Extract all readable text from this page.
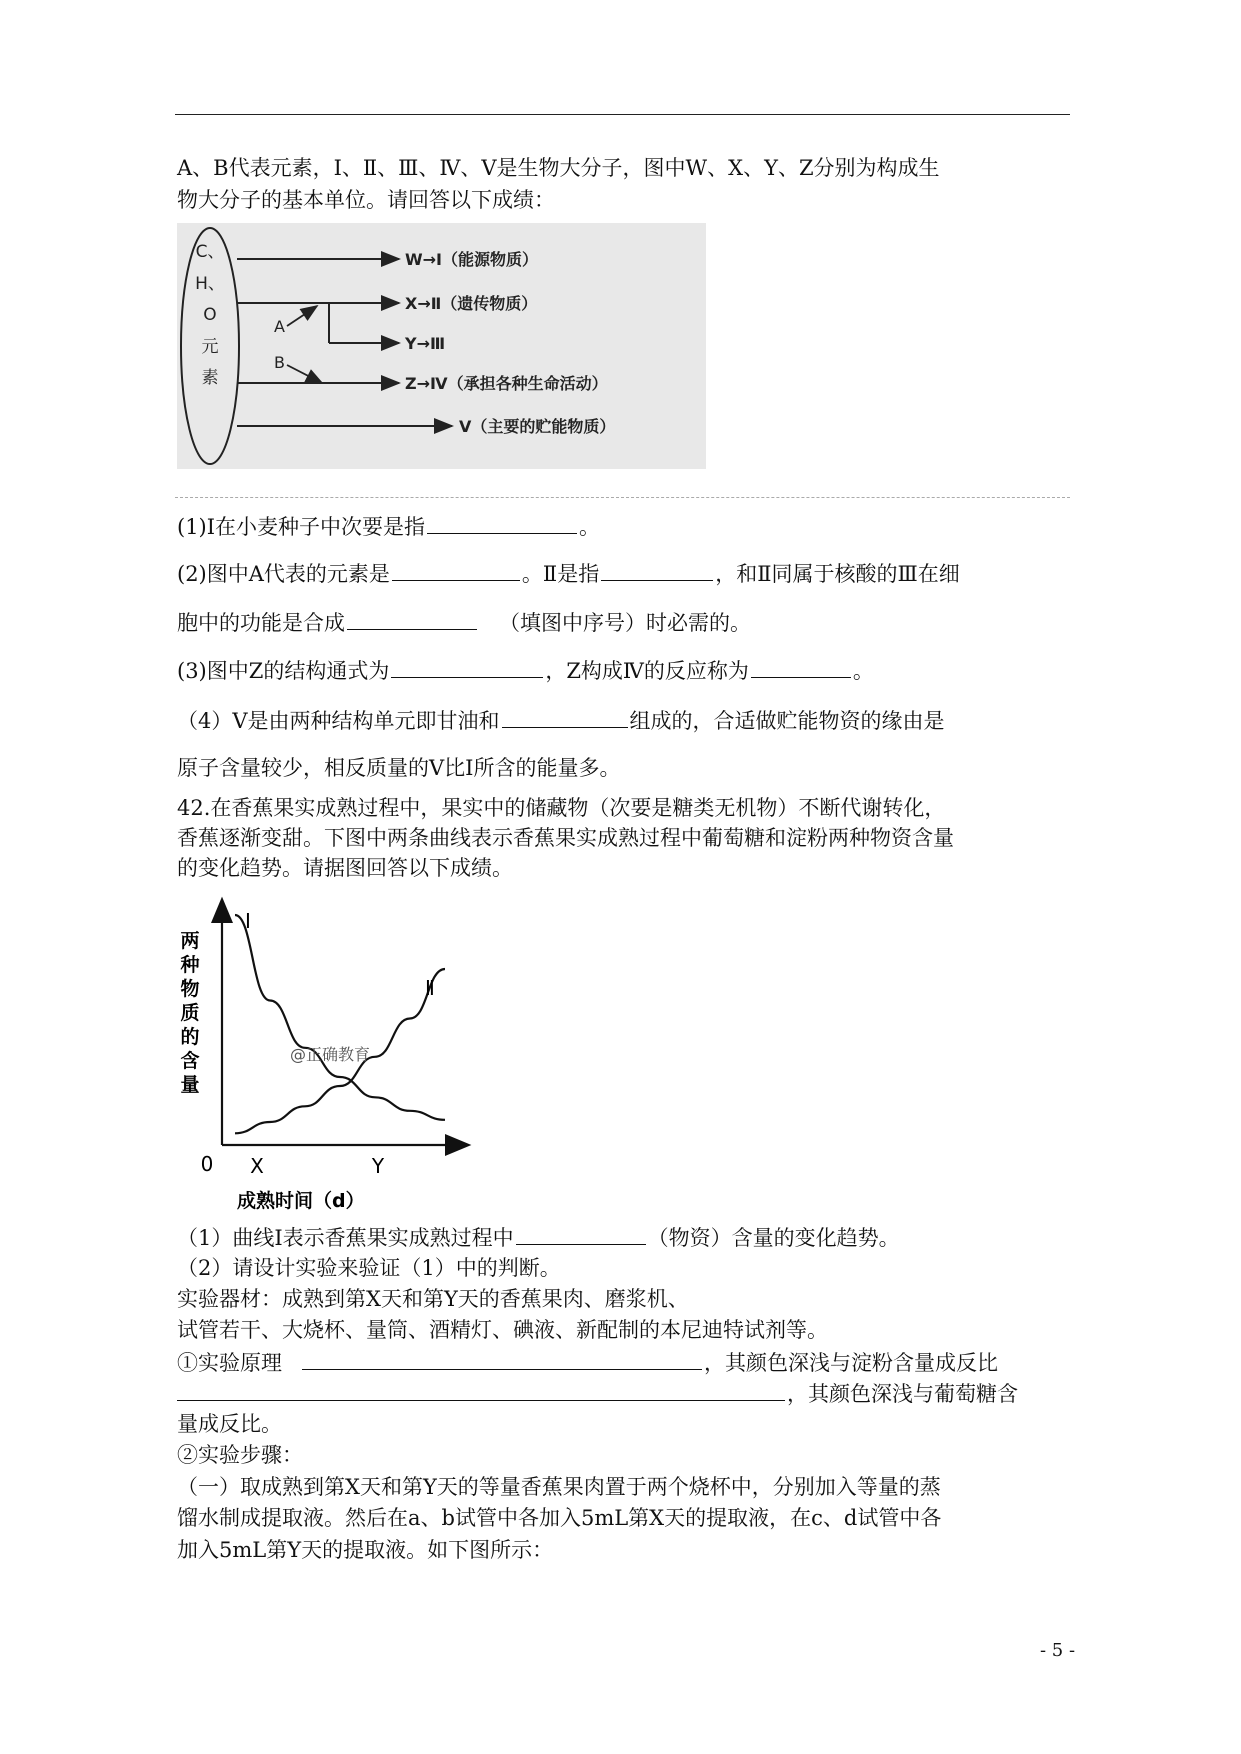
A、B代表元素，Ⅰ、Ⅱ、Ⅲ、Ⅳ、Ⅴ是生物大分子，图中W、X、Y、Z分别为构成生
物大分子的基本单位。请回答以下成绩：
C、
H、
O
元
素
A
B
W→Ⅰ（能源物质）
X→Ⅱ（遗传物质）
Y→Ⅲ
Z→Ⅳ（承担各种生命活动）
Ⅴ（主要的贮能物质）
(1)Ⅰ在小麦种子中次要是指	。
(2)图中A代表的元素是	。Ⅱ是指	，和Ⅱ同属于核酸的Ⅲ在细
胞中的功能是合成	（填图中序号）时必需的。
(3)图中Z的结构通式为	，Z构成Ⅳ的反应称为	。
（4）Ⅴ是由两种结构单元即甘油和	组成的，合适做贮能物资的缘由是
原子含量较少，相反质量的Ⅴ比Ⅰ所含的能量多。
42.在香蕉果实成熟过程中，果实中的储藏物（次要是糖类无机物）不断代谢转化，
香蕉逐渐变甜。下图中两条曲线表示香蕉果实成熟过程中葡萄糖和淀粉两种物资含量
的变化趋势。请据图回答以下成绩。
两
种
物
质
的
含
量
Ⅰ
Ⅱ
@正确教育
0 X	Y
成熟时间（d）
（1）曲线Ⅰ表示香蕉果实成熟过程中	（物资）含量的变化趋势。
（2）请设计实验来验证（1）中的判断。
实验器材：成熟到第X天和第Y天的香蕉果肉、磨浆机、
试管若干、大烧杯、量筒、酒精灯、碘液、新配制的本尼迪特试剂等。
①实验原理	，其颜色深浅与淀粉含量成反比
，其颜色深浅与葡萄糖含
量成反比。
②实验步骤：
（一）取成熟到第X天和第Y天的等量香蕉果肉置于两个烧杯中，分别加入等量的蒸
馏水制成提取液。然后在a、b试管中各加入5mL第X天的提取液，在c、d试管中各
加入5mL第Y天的提取液。如下图所示：
- 5 -
